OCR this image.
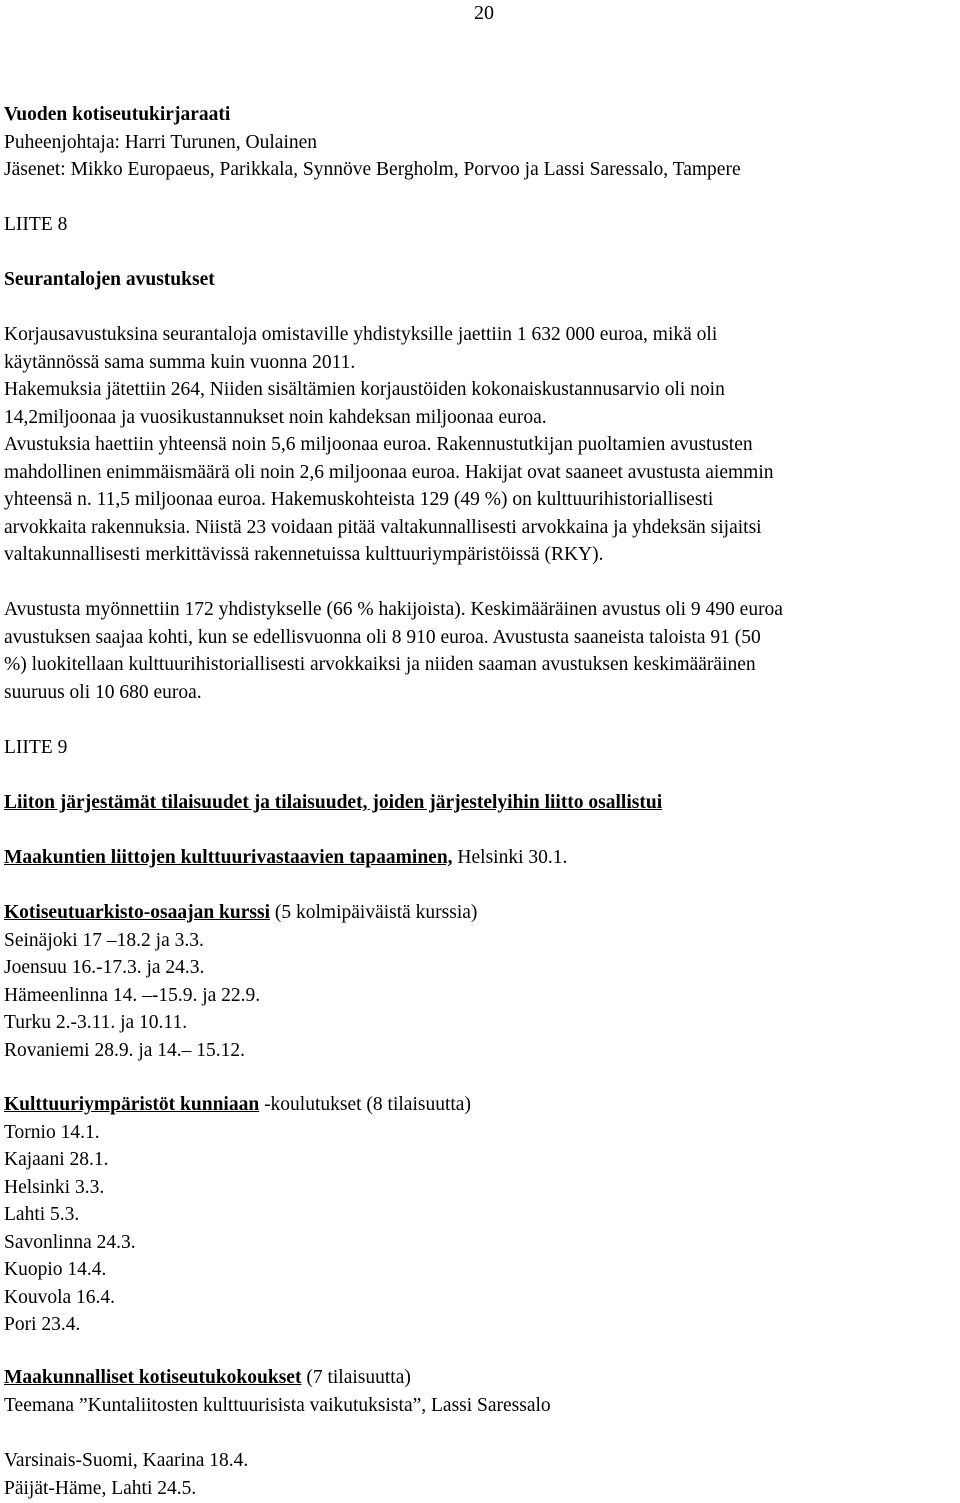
20
Vuoden kotiseutukirjaraati
Puheenjohtaja: Harri Turunen, Oulainen
Jäsenet: Mikko Europaeus, Parikkala, Synnöve Bergholm, Porvoo ja Lassi Saressalo, Tampere
LIITE 8
Seurantalojen avustukset
Korjausavustuksina seurantaloja omistaville yhdistyksille jaettiin 1 632 000 euroa, mikä oli
käytännössä sama summa kuin vuonna 2011.
Hakemuksia jätettiin 264, Niiden sisältämien korjaustöiden kokonaiskustannusarvio oli noin
14,2miljoonaa ja vuosikustannukset noin kahdeksan miljoonaa euroa.
Avustuksia haettiin yhteensä noin 5,6 miljoonaa euroa. Rakennustutkijan puoltamien avustusten
mahdollinen enimmäismäärä oli noin 2,6 miljoonaa euroa. Hakijat ovat saaneet avustusta aiemmin
yhteensä n. 11,5 miljoonaa euroa. Hakemuskohteista 129 (49 %) on kulttuurihistoriallisesti
arvokkaita rakennuksia. Niistä 23 voidaan pitää valtakunnallisesti arvokkaina ja yhdeksän sijaitsi
valtakunnallisesti merkittävissä rakennetuissa kulttuuriympäristöissä (RKY).
Avustusta myönnettiin 172 yhdistykselle (66 % hakijoista). Keskimääräinen avustus oli 9 490 euroa
avustuksen saajaa kohti, kun se edellisvuonna oli 8 910 euroa. Avustusta saaneista taloista 91 (50
%) luokitellaan kulttuurihistoriallisesti arvokkaiksi ja niiden saaman avustuksen keskimääräinen
suuruus oli 10 680 euroa.
LIITE 9
Liiton järjestämät tilaisuudet ja tilaisuudet, joiden järjestelyihin liitto osallistui
Maakuntien liittojen kulttuurivastaavien tapaaminen, Helsinki 30.1.
Kotiseutuarkisto-osaajan kurssi (5 kolmipäiväistä kurssia)
Seinäjoki 17 –18.2 ja 3.3.
Joensuu 16.-17.3. ja 24.3.
Hämeenlinna 14. –-15.9. ja 22.9.
Turku 2.-3.11. ja 10.11.
Rovaniemi 28.9. ja 14.– 15.12.
Kulttuuriympäristöt kunniaan -koulutukset (8 tilaisuutta)
Tornio 14.1.
Kajaani 28.1.
Helsinki 3.3.
Lahti 5.3.
Savonlinna 24.3.
Kuopio 14.4.
Kouvola 16.4.
Pori 23.4.
Maakunnalliset kotiseutukokoukset (7 tilaisuutta)
Teemana ”Kuntaliitosten kulttuurisista vaikutuksista”, Lassi Saressalo
Varsinais-Suomi, Kaarina 18.4.
Päijät-Häme, Lahti 24.5.
